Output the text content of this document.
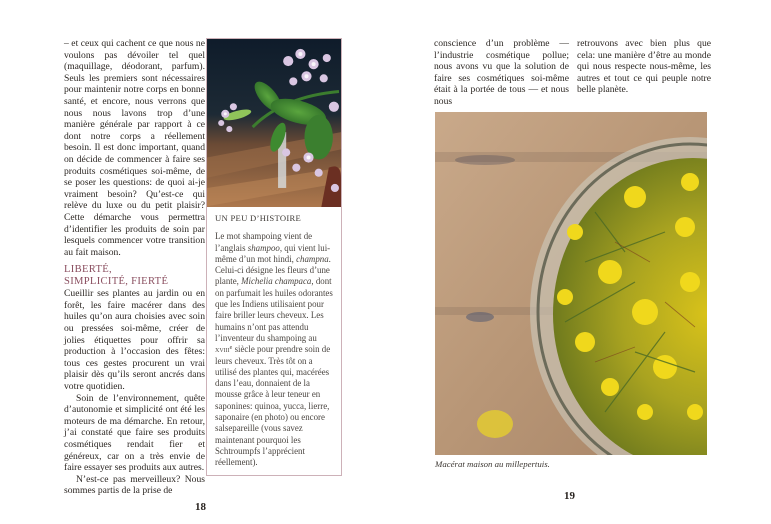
– et ceux qui cachent ce que nous ne voulons pas dévoiler tel quel (maquillage, déodorant, parfum). Seuls les premiers sont nécessaires pour maintenir notre corps en bonne santé, et encore, nous verrons que nous nous lavons trop d’une manière générale par rapport à ce dont notre corps a réellement besoin. Il est donc important, quand on décide de commencer à faire ses produits cosmétiques soi-même, de se poser les questions: de quoi ai-je vraiment besoin? Qu’est-ce qui relève du luxe ou du petit plaisir? Cette démarche vous permettra d’identifier les produits de soin par lesquels commencer votre transition au fait maison.

LIBERTÉ,
SIMPLICITÉ, FIERTÉ

Cueillir ses plantes au jardin ou en forêt, les faire macérer dans des huiles qu’on aura choisies avec soin ou pressées soi-même, créer de jolies étiquettes pour offrir sa production à l’occasion des fêtes: tous ces gestes procurent un vrai plaisir dès qu’ils seront ancrés dans votre quotidien.

Soin de l’environnement, quête d’autonomie et simplicité ont été les moteurs de ma démarche. En retour, j’ai constaté que faire ses produits cosmétiques rendait fier et généreux, car on a très envie de faire essayer ses produits aux autres.

N’est-ce pas merveilleux? Nous sommes partis de la prise de

UN PEU D’HISTOIRE
Le mot shampoing vient de l’anglais shampoo, qui vient lui-même d’un mot hindi, champna. Celui-ci désigne les fleurs d’une plante, Michelia champaca, dont on parfumait les huiles odorantes que les Indiens utilisaient pour faire briller leurs cheveux. Les humains n’ont pas attendu l’inventeur du shampoing au xviii$^e$ siècle pour prendre soin de leurs cheveux. Très tôt on a utilisé des plantes qui, macérées dans l’eau, donnaient de la mousse grâce à leur teneur en saponines: quinoa, yucca, lierre, saponaire (en photo) ou encore salsepareille (vous savez maintenant pourquoi les Schtroumpfs l’apprécient réellement).
18

conscience d’un problème — l’industrie cosmétique pollue; nous avons vu que la solution de faire ses cosmétiques soi-même était à la portée de tous — et nous nous

retrouvons avec bien plus que cela: une manière d’être au monde qui nous respecte nous-même, les autres et tout ce qui peuple notre belle planète.

Macérat maison au millepertuis.
19
